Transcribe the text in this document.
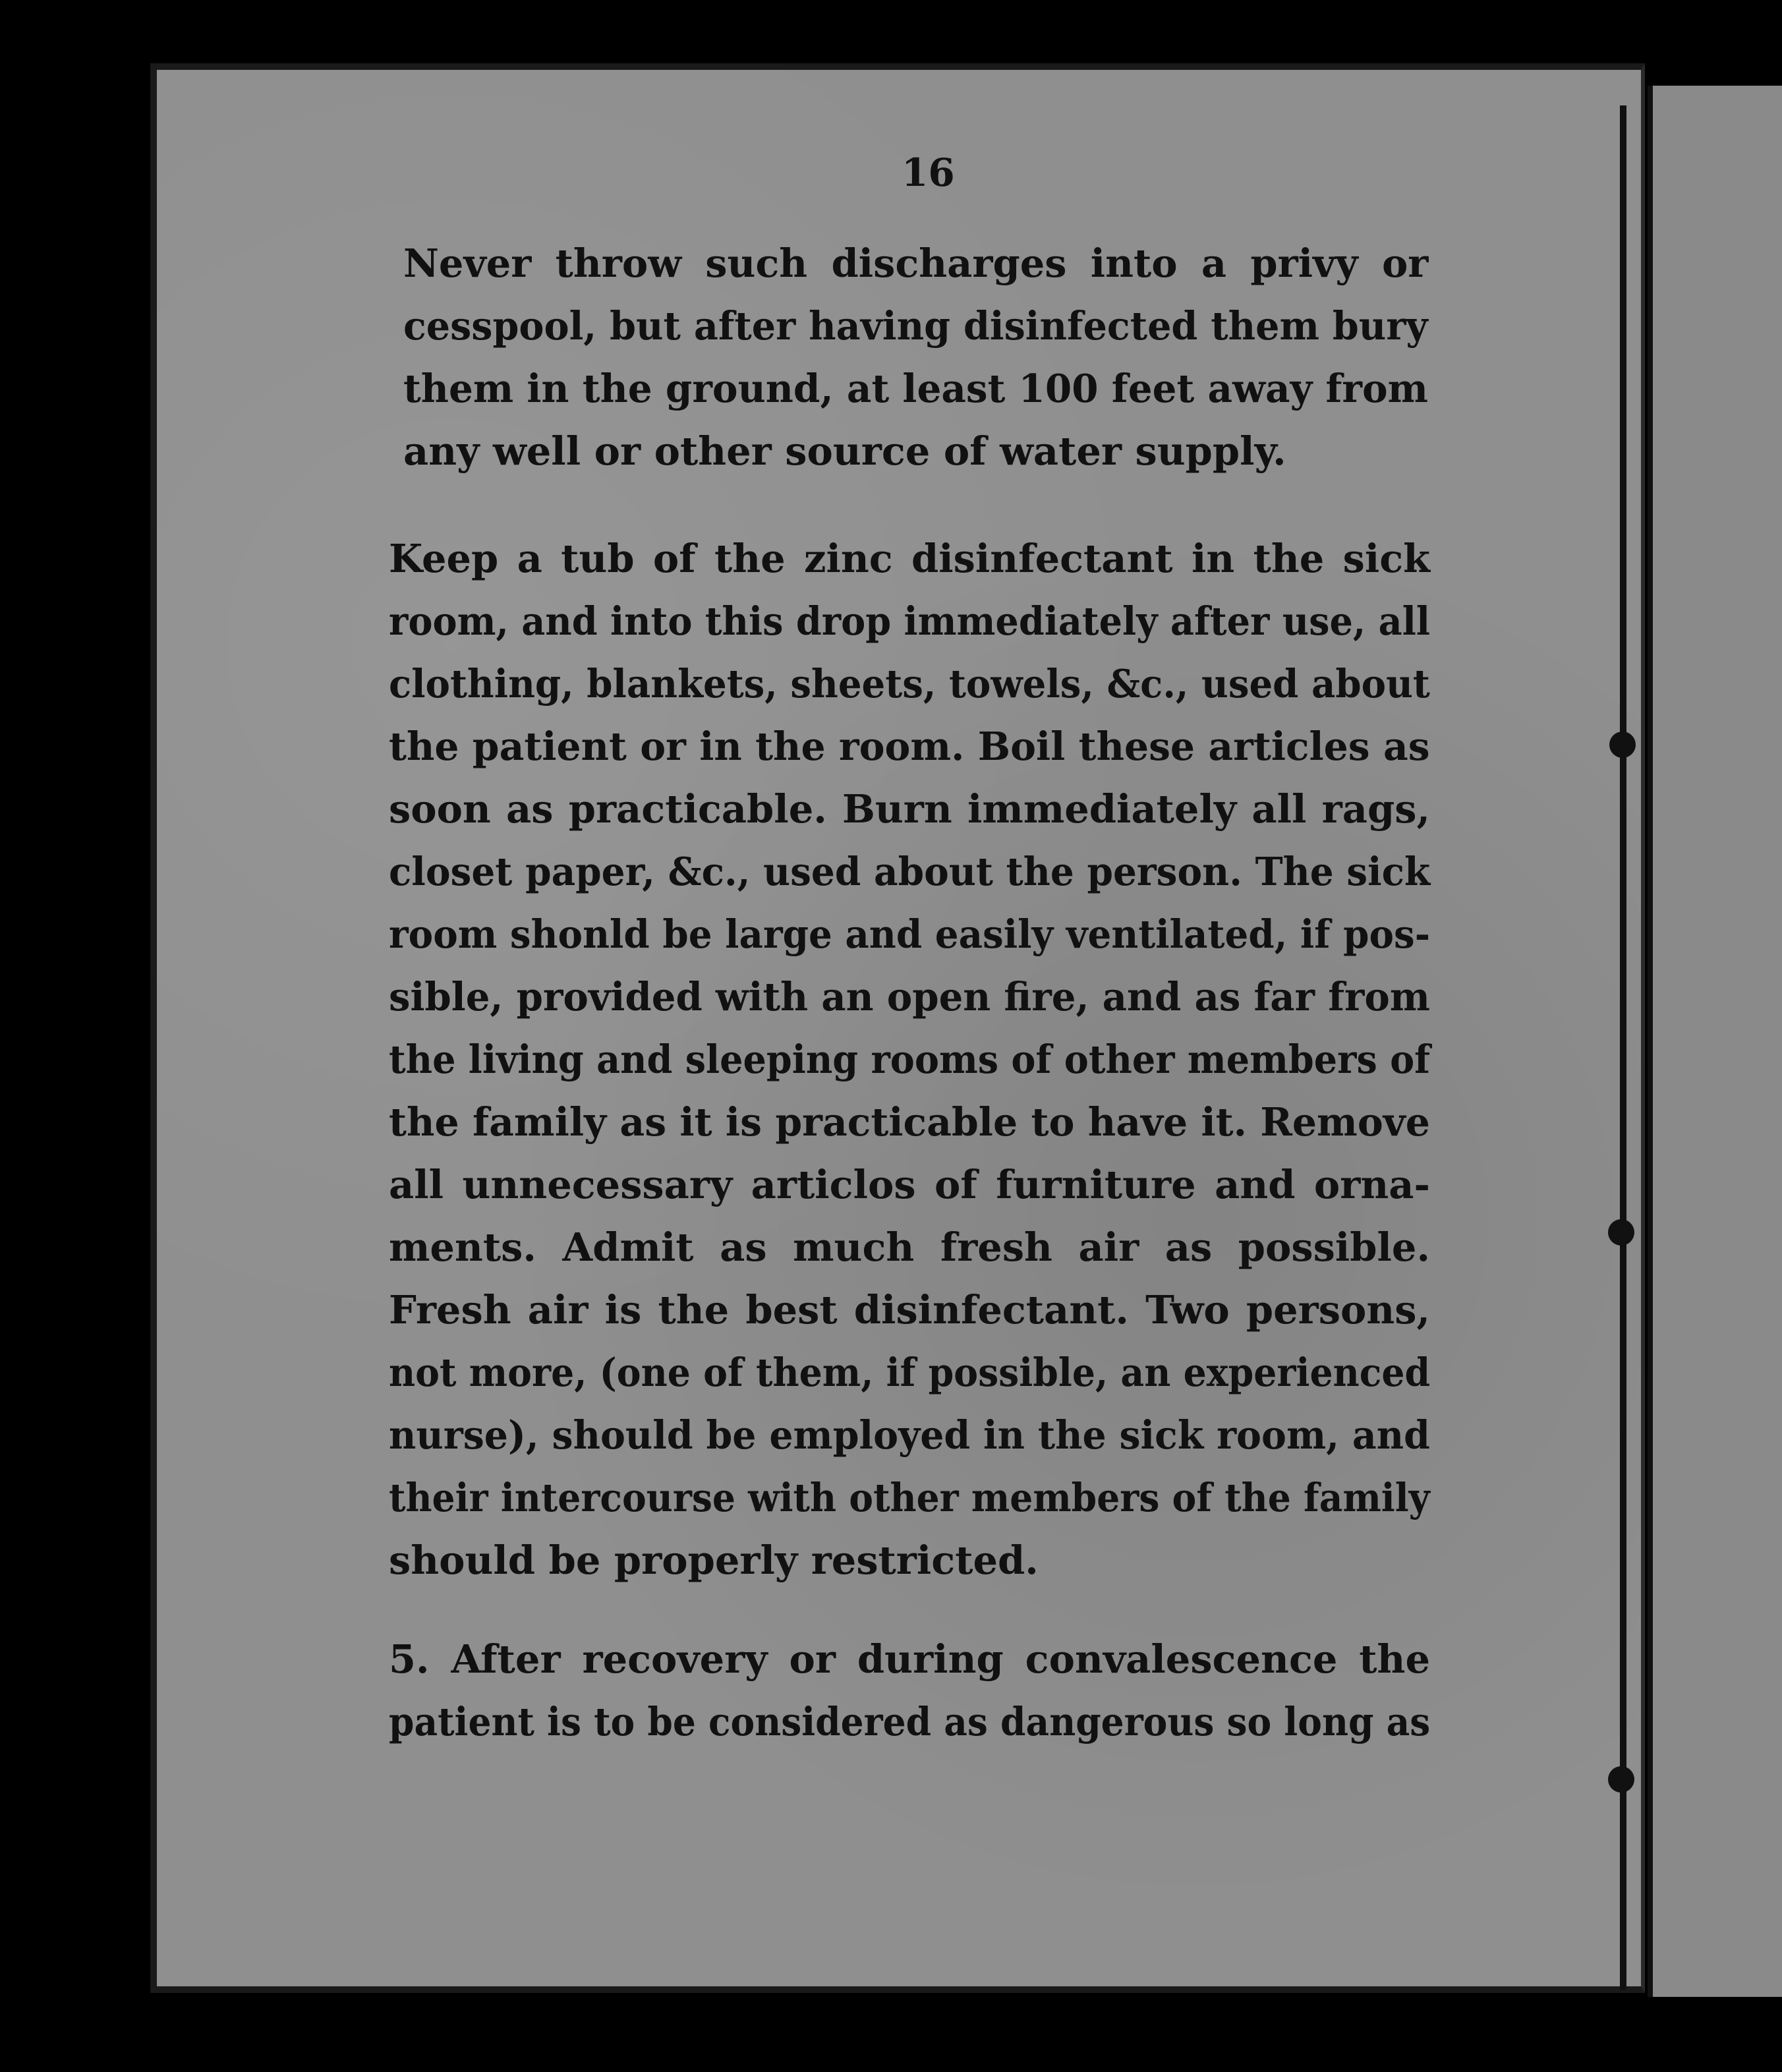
16
Never throw such discharges into a privy or
cesspool, but after having disinfected them bury
them in the ground, at least 100 feet away from
any well or other source of water supply.
Keep a tub of the zinc disinfectant in the sick
room, and into this drop immediately after use, all
clothing, blankets, sheets, towels, &c., used about
the patient or in the room. Boil these articles as
soon as practicable. Burn immediately all rags,
closet paper, &c., used about the person. The sick
room shonld be large and easily ventilated, if pos-
sible, provided with an open fire, and as far from
the living and sleeping rooms of other members of
the family as it is practicable to have it. Remove
all unnecessary articlos of furniture and orna-
ments. Admit as much fresh air as possible.
Fresh air is the best disinfectant. Two persons,
not more, (one of them, if possible, an experienced
nurse), should be employed in the sick room, and
their intercourse with other members of the family
should be properly restricted.
5. After recovery or during convalescence the
patient is to be considered as dangerous so long as
